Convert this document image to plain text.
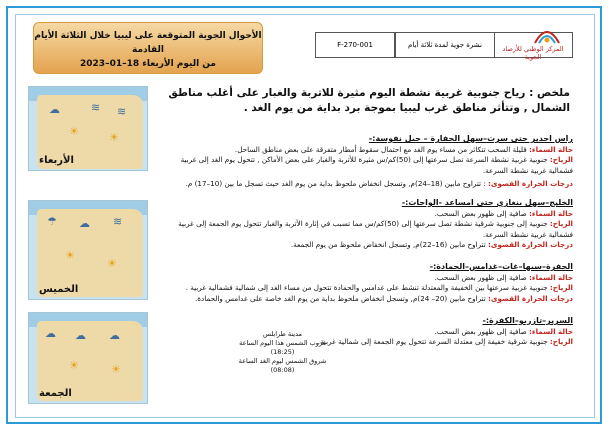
الأحوال الجوية المتوقعة على ليبيا خلال الثلاثة الأيام القادمة
من اليوم الأربعاء 18–01–2023
F-270-001	نشرة جوية لمدة ثلاثة أيام	المركز الوطني للأرصاد الجوية
ملخص : رياح جنوبية غربية نشطة اليوم مثيرة للاتربة والغبار على أغلب مناطق الشمال , وتتأثر مناطق غرب ليبيا بموجة برد بداية من يوم الغد .

راس اجدير حتى سرت–سهل الجفارة – جبل نفوسة:-

حالة السماء: قليلة السحب تتكاثر من مساء يوم الغد مع احتمال سقوط أمطار متفرقة على بعض مناطق الساحل.

الرياح: جنوبية غربية نشطة السرعة تصل سرعتها إلى (50)كم/س مثيرة للأتربة والغبار على بعض الأماكن , تتحول يوم الغد إلى غربية فشمالية غربية نشطة السرعة.

درجات الحرارة القصوى: : تتراوح مابين (18–24)م, وتسجل انخفاض ملحوظ بداية من يوم الغد حيث تسجل ما بين (10–17) م.

الخليج–سهل بنغازي حتى امساعد -الواحات:-

حالة السماء: صافية إلى ظهور بعض السحب.

الرياح: جنوبية إلى جنوبية شرقية نشطة تصل سرعتها إلى (50)كم/س مما تسبب في إثارة الأتربة والغبار تتحول يوم الجمعة إلى غربية فشمالية غربية نشطة السرعة.

درجات الحرارة القصوى: تتراوح مابين (16–22)م, وتسجل انخفاض ملحوظ من يوم الجمعة.

الجفرة–سبها–غات–غدامس–الحمادة:-

حالة السماء: صافية إلى ظهور بعض السحب.

الرياح: جنوبية غربية سرعتها بين الخفيفة والمعتدلة تنشط على غدامس والحمادة تتحول من مساء الغد إلى شمالية فشمالية غربية .

درجات الحرارة القصوى: تتراوح مابين (20– 24)م, وتسجل انخفاض ملحوظ بداية من يوم الغد خاصة على غدامس والحمادة.

السرير–تازربو–الكفرة:-

حالة السماء: صافية إلى ظهور بعض السحب.

الرياح: جنوبية شرقية خفيفة إلى معتدلة السرعة تتحول يوم الجمعة إلى شمالية غربية.

☁	≋ ≋
☀	☀
الأربعاء
☂ ☁ ≋
☀
☀
الخميس
☁ ☁ ☁
☀	☀
الجمعة
مدينة طرابلس
غروب الشمس هذا اليوم الساعة (18:25)
شروق الشمس ليوم الغد الساعة (08:08)
